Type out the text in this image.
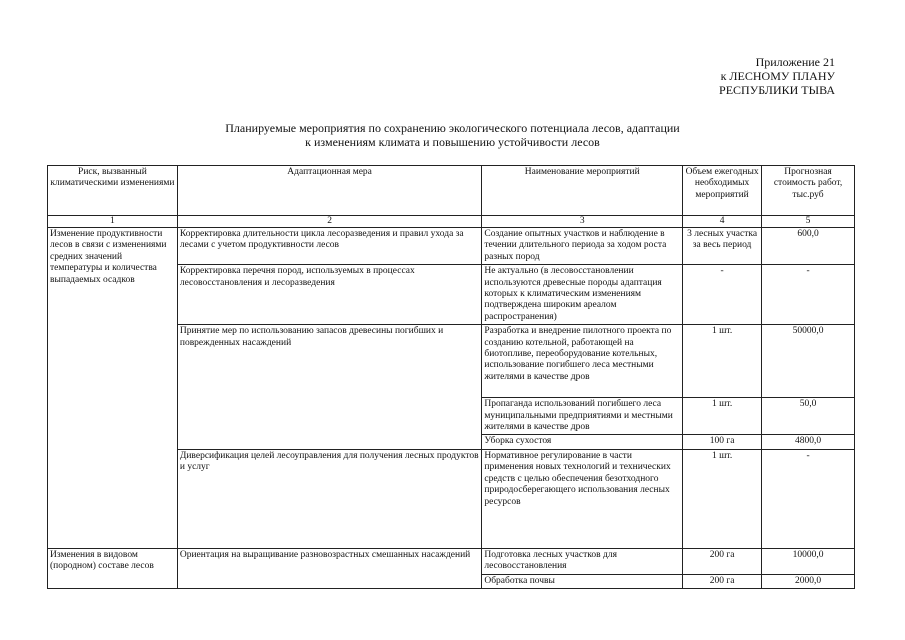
Приложение 21
к ЛЕСНОМУ ПЛАНУ
РЕСПУБЛИКИ ТЫВА
Планируемые мероприятия по сохранению экологического потенциала лесов, адаптации
к изменениям климата и повышению устойчивости лесов
Риск, вызванный климатическими изменениями	Адаптационная мера	Наименование мероприятий	Объем ежегодных необходимых мероприятий	Прогнозная стоимость работ, тыс.руб
1	2	3	4	5
Изменение продуктивности лесов в связи с изменениями средних значений температуры и количества выпадаемых осадков	Корректировка длительности цикла лесоразведения и правил ухода за лесами с учетом продуктивности лесов	Создание опытных участков и наблюдение в течении длительного периода за ходом роста разных пород	3 лесных участка за весь период	600,0
	Корректировка перечня пород, используемых в процессах лесовосстановления и лесоразведения	Не актуально (в лесовосстановлении используются древесные породы адаптация которых к климатическим изменениям подтверждена широким ареалом распространения)	-	-
	Принятие мер по использованию запасов древесины погибших и поврежденных насаждений	Разработка и внедрение пилотного проекта по созданию котельной, работающей на биотопливе, переоборудование котельных, использование погибшего леса местными жителями в качестве дров	1 шт.	50000,0
		Пропаганда использований погибшего леса муниципальными предприятиями и местными жителями в качестве дров	1 шт.	50,0
		Уборка сухостоя	100 га	4800,0
	Диверсификация целей лесоуправления для получения лесных продуктов и услуг	Нормативное регулирование в части применения новых технологий и технических средств с целью обеспечения безотходного природосберегающего использования лесных ресурсов	1 шт.	-
Изменения в видовом (породном) составе лесов	Ориентация на выращивание разновозрастных смешанных насаждений	Подготовка лесных участков для лесовосстановления	200 га	10000,0
		Обработка почвы	200 га	2000,0
